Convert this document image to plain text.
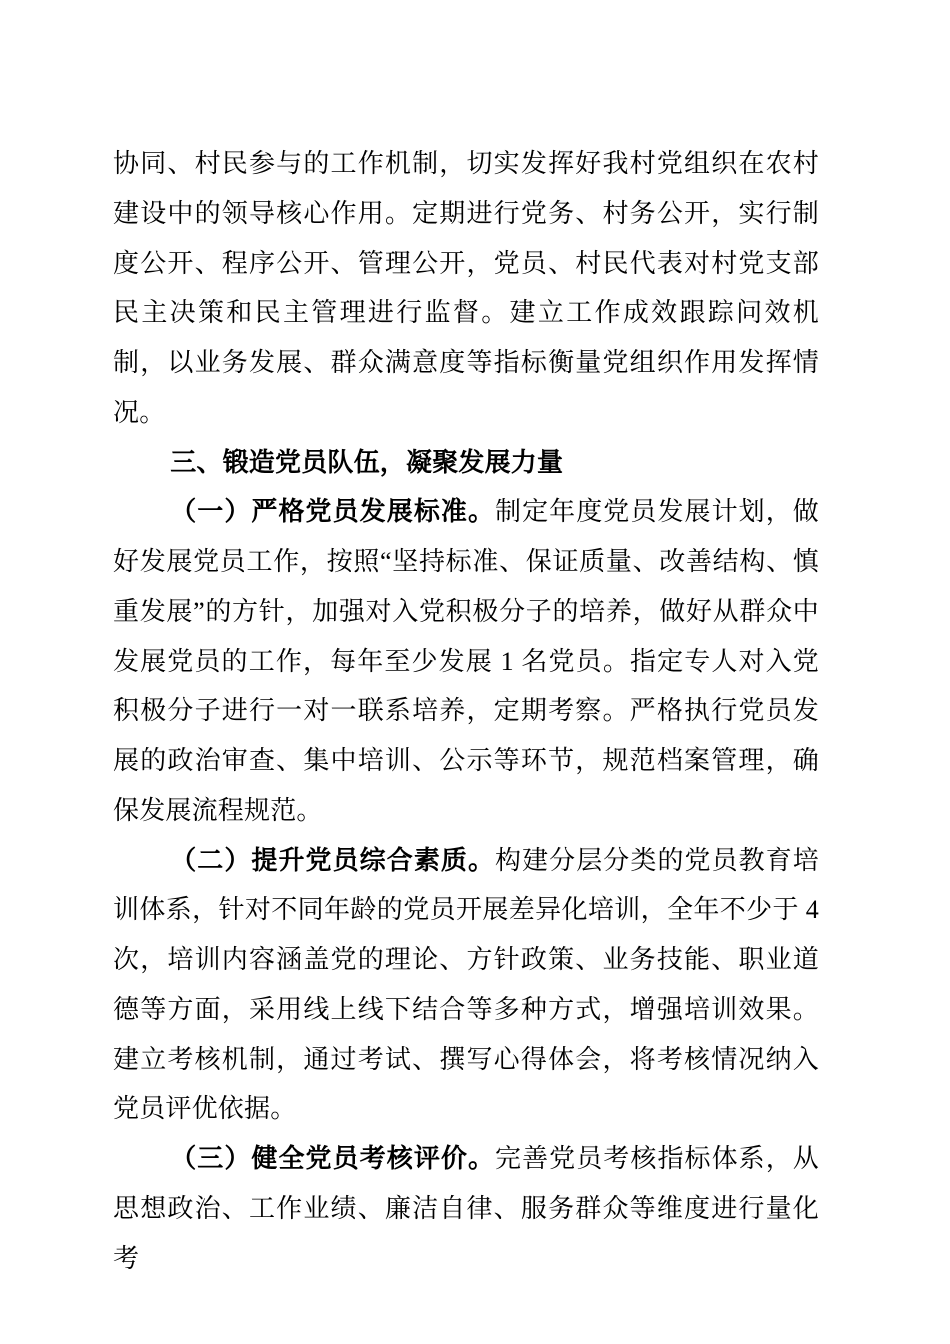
协同、村民参与的工作机制，切实发挥好我村党组织在农村建设中的领导核心作用。定期进行党务、村务公开，实行制度公开、程序公开、管理公开，党员、村民代表对村党支部民主决策和民主管理进行监督。建立工作成效跟踪问效机制，以业务发展、群众满意度等指标衡量党组织作用发挥情况。

三、锻造党员队伍，凝聚发展力量

（一）严格党员发展标准。制定年度党员发展计划，做好发展党员工作，按照“坚持标准、保证质量、改善结构、慎重发展”的方针，加强对入党积极分子的培养，做好从群众中发展党员的工作，每年至少发展 1 名党员。指定专人对入党积极分子进行一对一联系培养，定期考察。严格执行党员发展的政治审查、集中培训、公示等环节，规范档案管理，确保发展流程规范。

（二）提升党员综合素质。构建分层分类的党员教育培训体系，针对不同年龄的党员开展差异化培训，全年不少于 4 次，培训内容涵盖党的理论、方针政策、业务技能、职业道德等方面，采用线上线下结合等多种方式，增强培训效果。建立考核机制，通过考试、撰写心得体会，将考核情况纳入党员评优依据。

（三）健全党员考核评价。完善党员考核指标体系，从思想政治、工作业绩、廉洁自律、服务群众等维度进行量化考
